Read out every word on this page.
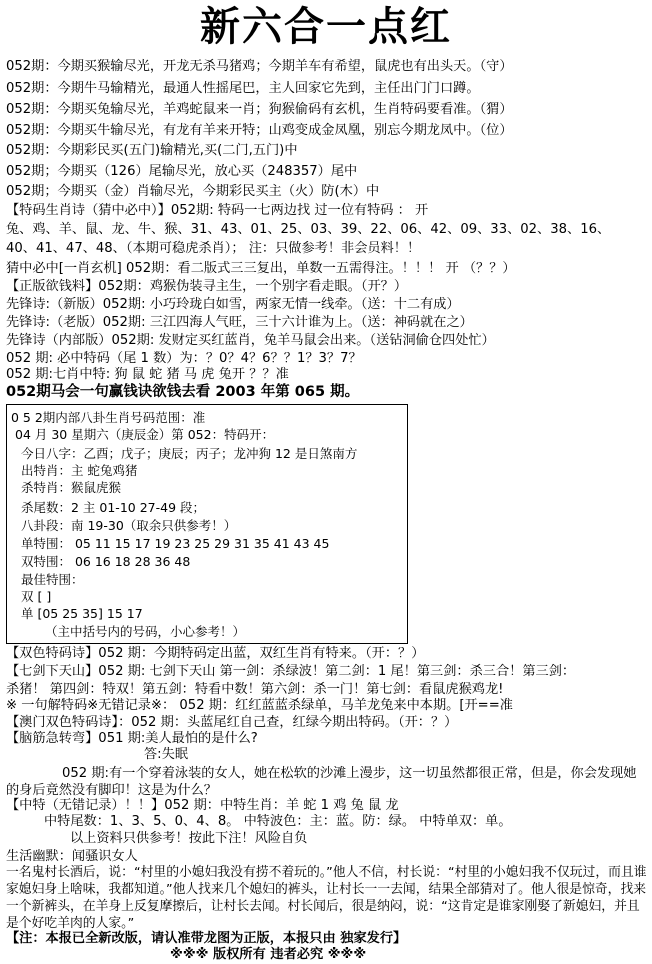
新六合一点红
052期：今期买猴输尽光，开龙无杀马猪鸡；今期羊车有希望，鼠虎也有出头天。（守）
052期：今期牛马输精光，最通人性摇尾巴，主人回家它先到，主任出门门口蹲。
052期：今期买兔输尽光，羊鸡蛇鼠来一肖；狗猴偷码有玄机，生肖特码要看准。（猬）
052期：今期买牛输尽光，有龙有羊来开特；山鸡变成金凤凰，别忘今期龙凤中。（位）
052期：今期彩民买(五门)输精光,买(二门,五门)中
052期；今期买（126）尾输尽光，放心买（248357）尾中
052期；今期买（金）肖输尽光，今期彩民买主（火）防(木）中
【特码生肖诗（猜中必中）】052期: 特码一七两边找 过一位有特码 ： 开
兔、鸡、羊、鼠、龙、牛、猴、31、43、01、25、03、39、22、06、42、09、33、02、38、16、
40、41、47、48、（本期可稳虎杀肖）； 注：只做参考！非会员料！！
猜中必中[一肖玄机] 052期：看二版式三三复出，单数一五需得注。！！！ 开 （？？）
【正版欲钱料】052期：鸡猴伪装寻主生，一个别字看走眼。（开？）
先锋诗:（新版）052期: 小巧玲珑白如雪，两家无情一线牵。（送：十二有成）
先锋诗:（老版）052期: 三江四海人气旺，三十六计谁为上。（送：神码就在之）
先锋诗（内部版）052期: 发财定买红蓝肖，兔羊马鼠会出来。（送钻洞偷仓四处忙）
052 期: 必中特码（尾 1 数）为：？0？4？6？？1？3？7？
052 期:七肖中特: 狗 鼠 蛇 猪 马 虎 兔开 ？？准
052期马会一句赢钱诀欲钱去看 2003 年第 065 期。
0 5 2期内部八卦生肖号码范围：准
04 月 30 星期六（庚辰金）第 052：特码开：
今日八字：乙酉；戊子；庚辰；丙子；龙冲狗 12 是日煞南方
出特肖：主 蛇兔鸡猪
杀特肖：猴鼠虎猴
杀尾数：2 主 01-10 27-49 段；
八卦段：南 19-30（取余只供参考！）
单特围： 05 11 15 17 19 23 25 29 31 35 41 43 45
双特围： 06 16 18 28 36 48
最佳特围：
双 [ ]
单 [05 25 35] 15 17
（主中括号内的号码，小心参考！）
【双色特码诗】052 期：今期特码定出蓝，双红生肖有特来。（开：？）
【七剑下天山】052 期: 七剑下天山 第一剑：杀绿波！第二剑：1 尾！第三剑：杀三合！第三剑：
杀猪！ 第四剑：特双！第五剑：特看中数！第六剑：杀一门！第七剑：看鼠虎猴鸡龙!
※ 一句解特码※无错记录※： 052 期：红红蓝蓝杀绿单，马羊龙兔来中本期。[开==准
【澳门双色特码诗】：052 期：头蓝尾红自己查，红绿今期出特码。（开：？）
【脑筋急转弯】051 期:美人最怕的是什么?
答:失眠
052 期:有一个穿着泳装的女人，她在松软的沙滩上漫步，这一切虽然都很正常，但是，你会发现她的身后竟然没有脚印！这是为什么？
【中特（无错记录）！！】052 期：中特生肖：羊 蛇 1 鸡 兔 鼠 龙
中特尾数：1、3、5、0、4、8。 中特波色：主：蓝。防：绿。 中特单双：单。
以上资料只供参考！按此下注！风险自负
生活幽默：闻骚识女人
一名鬼村长酒后，说：“村里的小媳妇我没有捞不着玩的。”他人不信，村长说：“村里的小媳妇我不仅玩过，而且谁家媳妇身上啥味，我都知道。”他人找来几个媳妇的裤头，让村长一一去闻，结果全部猜对了。他人很是惊奇，找来一个新裤头，在羊身上反复摩擦后，让村长去闻。村长闻后，很是纳闷，说：“这肯定是谁家刚娶了新媳妇，并且是个好吃羊肉的人家。”
【注：本报已全新改版，请认准带龙图为正版，本报只由 独家发行】
※※※ 版权所有 违者必究 ※※※
